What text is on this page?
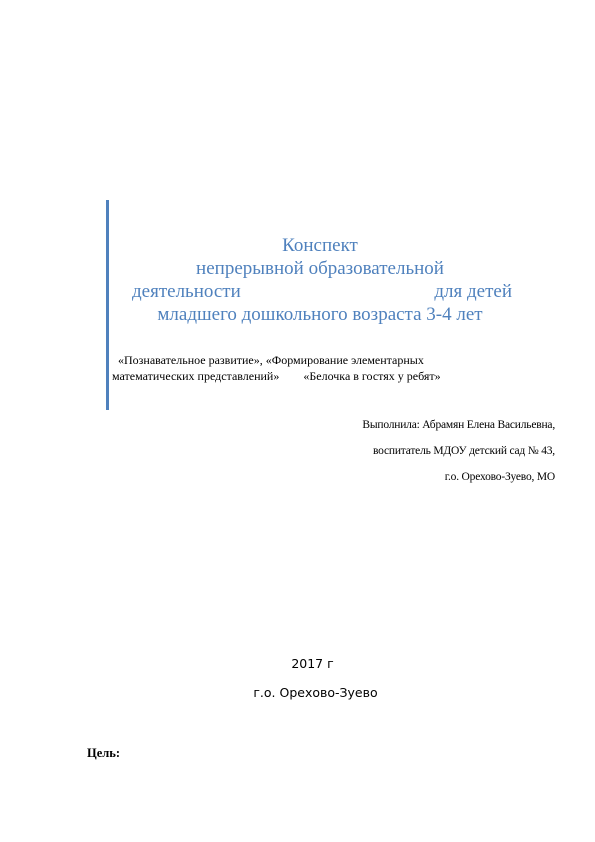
Конспект
непрерывной образовательной
деятельности	для детей
младшего дошкольного возраста 3-4 лет
«Познавательное развитие», «Формирование элементарных
математических представлений» «Белочка в гостях у ребят»
Выполнила: Абрамян Елена Васильевна,
воспитатель МДОУ детский сад № 43,
г.о. Орехово-Зуево, МО
2017 г
г.о. Орехово-Зуево
Цель:
